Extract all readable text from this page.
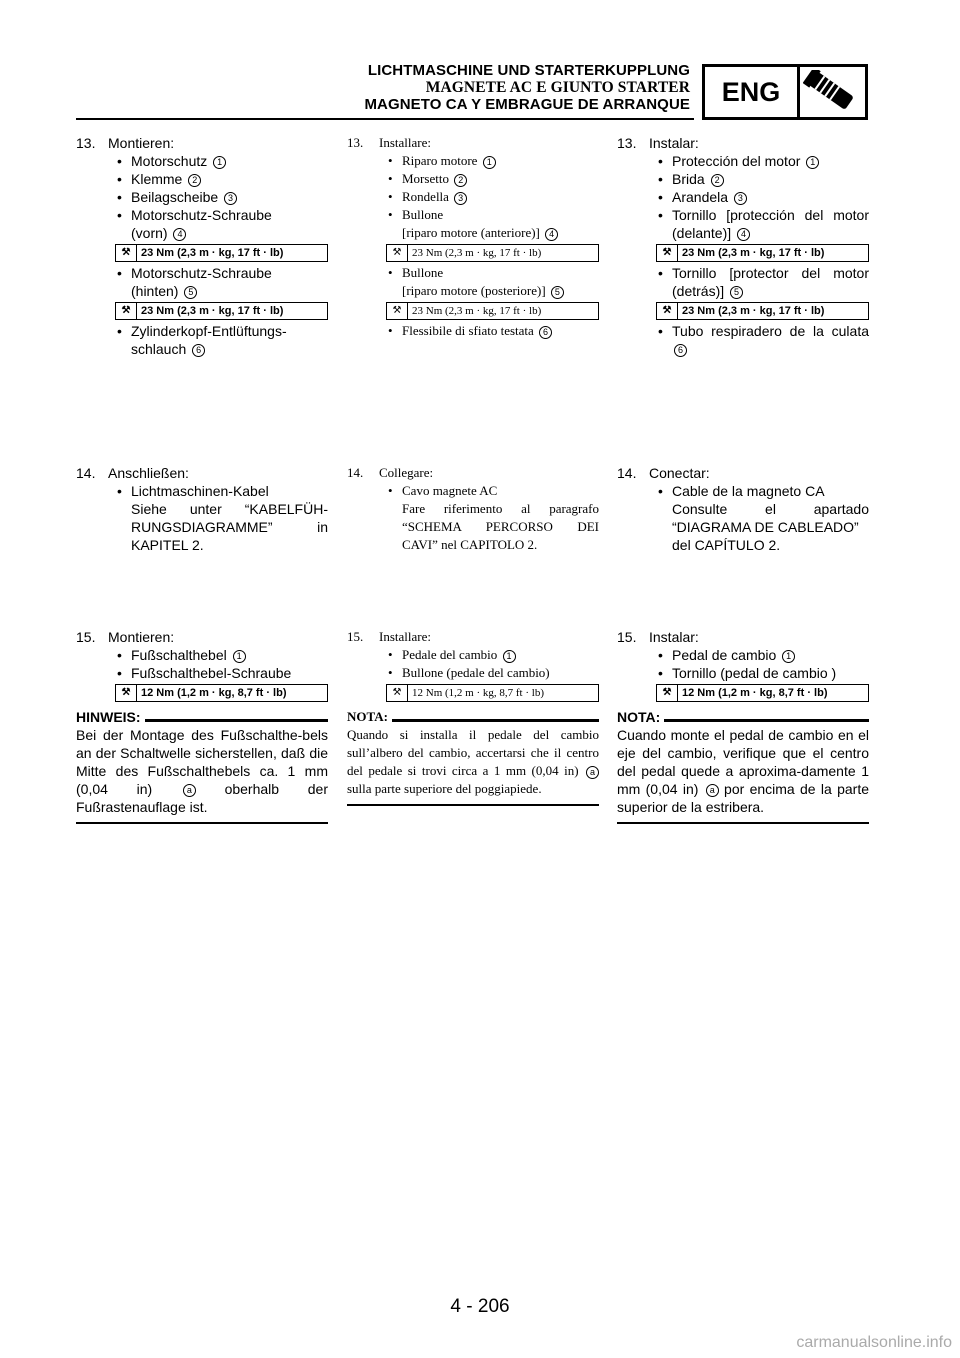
LICHTMASCHINE UND STARTERKUPPLUNG
MAGNETE AC E GIUNTO STARTER
MAGNETO CA Y EMBRAGUE DE ARRANQUE	ENG
13. Montieren:
• Motorschutz 1
• Klemme 2
• Beilagscheibe 3
• Motorschutz-Schraube
(vorn) 4
⚒ 23 Nm (2,3 m · kg, 17 ft · lb)
• Motorschutz-Schraube
(hinten) 5
⚒ 23 Nm (2,3 m · kg, 17 ft · lb)
• Zylinderkopf-Entlüftungs-
schlauch 6
14. Anschließen:
• Lichtmaschinen-Kabel
Siehe unter “KABELFÜH-
RUNGSDIAGRAMME” in
KAPITEL 2.
15. Montieren:
• Fußschalthebel 1
• Fußschalthebel-Schraube
⚒ 12 Nm (1,2 m · kg, 8,7 ft · lb)
HINWEIS:
Bei der Montage des Fußschalthe-bels an der Schaltwelle sicherstellen, daß die Mitte des Fußschalthebels ca. 1 mm (0,04 in)	a oberhalb der Fußrastenauflage ist.
13. Installare:
• Riparo motore 1
• Morsetto 2
• Rondella 3
• Bullone
[riparo motore (anteriore)] 4
⚒ 23 Nm (2,3 m · kg, 17 ft · lb)
• Bullone
[riparo motore (posteriore)] 5
⚒ 23 Nm (2,3 m · kg, 17 ft · lb)
• Flessibile di sfiato testata 6
14. Collegare:
• Cavo magnete AC
Fare riferimento al paragrafo
“SCHEMA PERCORSO DEI
CAVI” nel CAPITOLO 2.
15. Installare:
• Pedale del cambio 1
• Bullone (pedale del cambio)
⚒ 12 Nm (1,2 m · kg, 8,7 ft · lb)
NOTA:
Quando si installa il pedale del cambio sull’albero del cambio, accertarsi che il centro del pedale si trovi circa a 1 mm (0,04 in) a sulla parte superiore del poggiapiede.
13. Instalar:
• Protección del motor 1
• Brida 2
• Arandela 3
• Tornillo [protección del motor
(delante)] 4
⚒ 23 Nm (2,3 m · kg, 17 ft · lb)
• Tornillo [protector del motor
(detrás)] 5
⚒ 23 Nm (2,3 m · kg, 17 ft · lb)
• Tubo respiradero de la culata
6
14. Conectar:
• Cable de la magneto CA
Consulte el apartado
“DIAGRAMA DE CABLEADO”
del CAPÍTULO 2.
15. Instalar:
• Pedal de cambio 1
• Tornillo (pedal de cambio )
⚒ 12 Nm (1,2 m · kg, 8,7 ft · lb)
NOTA:
Cuando monte el pedal de cambio en el eje del cambio, verifique que el centro del pedal quede a aproxima-damente 1 mm (0,04 in) a por encima de la parte superior de la estribera.
4 - 206
carmanualsonline.info
